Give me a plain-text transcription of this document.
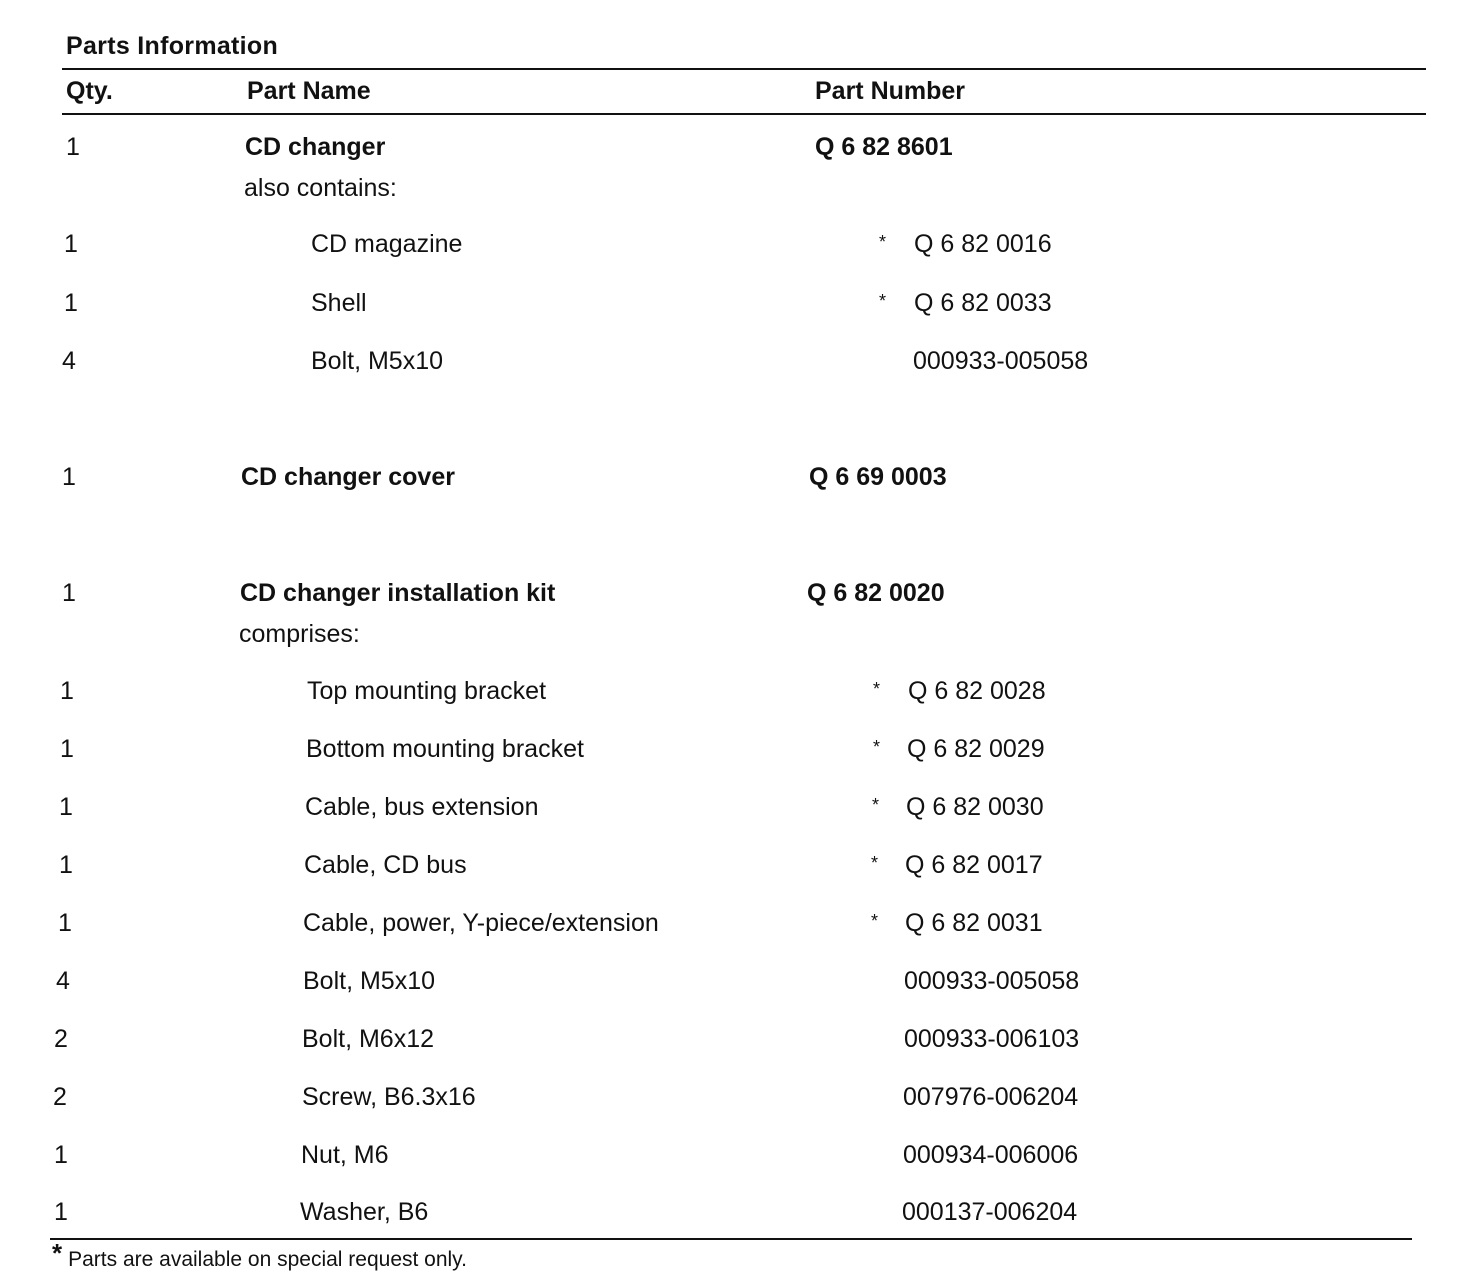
Parts Information
Qty.	Part Name	Part Number
1	CD changer	Q 6 82 8601
also contains:
1	CD magazine	* Q 6 82 0016
1	Shell	* Q 6 82 0033
4	Bolt, M5x10	000933-005058
1	CD changer cover	Q 6 69 0003
1	CD changer installation kit	Q 6 82 0020
comprises:
1	Top mounting bracket	* Q 6 82 0028
1	Bottom mounting bracket	* Q 6 82 0029
1	Cable, bus extension	* Q 6 82 0030
1	Cable, CD bus	* Q 6 82 0017
1	Cable, power, Y-piece/extension	* Q 6 82 0031
4	Bolt, M5x10	000933-005058
2	Bolt, M6x12	000933-006103
2	Screw, B6.3x16	007976-006204
1	Nut, M6	000934-006006
1	Washer, B6	000137-006204
* Parts are available on special request only.
